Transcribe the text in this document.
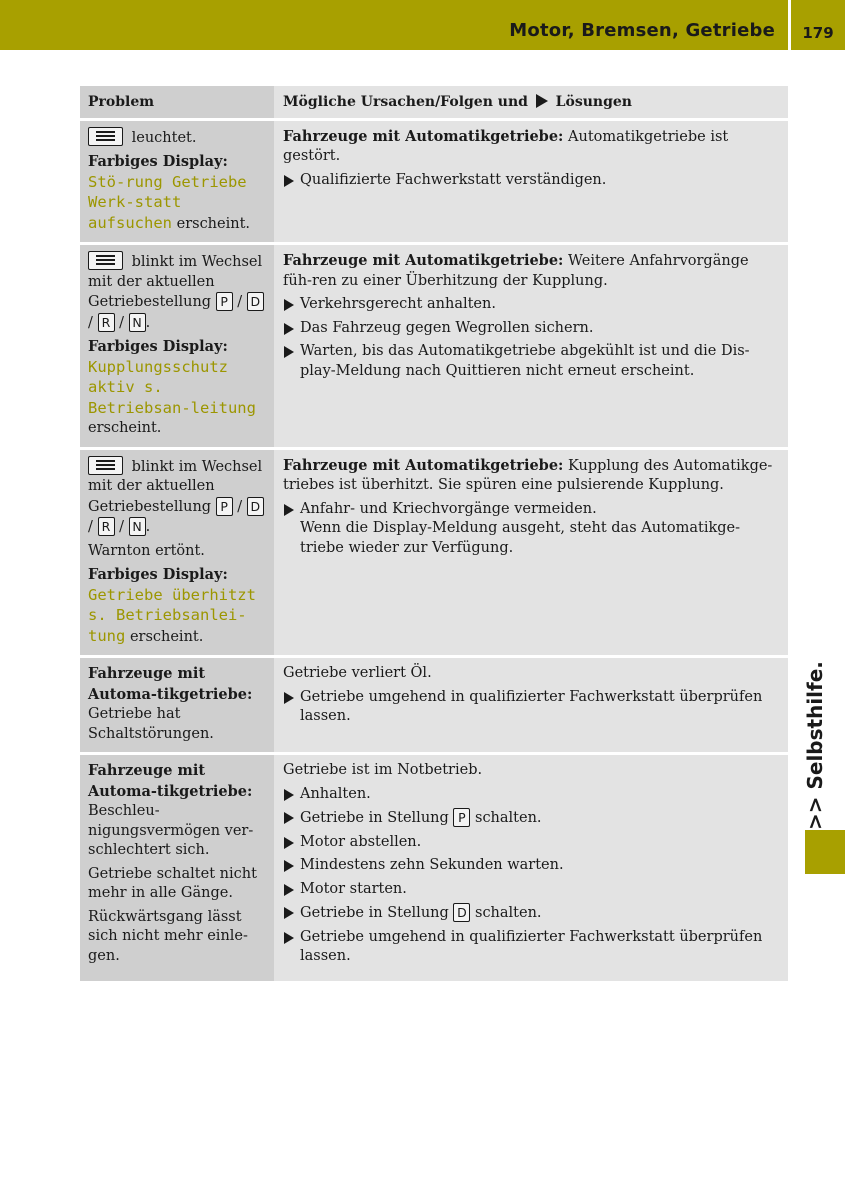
Motor, Bremsen, Getriebe	179
>> Selbsthilfe.
Problem	Mögliche Ursachen/Folgen und Lösungen
leuchtet.
Farbiges Display: Stö-rung Getriebe Werk-statt aufsuchen erscheint.
Fahrzeuge mit Automatikgetriebe: Automatikgetriebe ist gestört.
Qualifizierte Fachwerkstatt verständigen.
blinkt im Wechsel mit der aktuellen Getriebestellung P / D / R / N .
Farbiges Display: Kupplungsschutz aktiv s. Betriebsan-leitung erscheint.
Fahrzeuge mit Automatikgetriebe: Weitere Anfahrvorgänge füh-ren zu einer Überhitzung der Kupplung.
Verkehrsgerecht anhalten.
Das Fahrzeug gegen Wegrollen sichern.
Warten, bis das Automatikgetriebe abgekühlt ist und die Dis-play-Meldung nach Quittieren nicht erneut erscheint.
blinkt im Wechsel mit der aktuellen Getriebestellung P / D / R / N .
Warnton ertönt.
Farbiges Display: Getriebe überhitzt s. Betriebsanlei-tung erscheint.
Fahrzeuge mit Automatikgetriebe: Kupplung des Automatikge-triebes ist überhitzt. Sie spüren eine pulsierende Kupplung.
Anfahr- und Kriechvorgänge vermeiden.
Wenn die Display-Meldung ausgeht, steht das Automatikge-triebe wieder zur Verfügung.
Fahrzeuge mit Automa-tikgetriebe: Getriebe hat Schaltstörungen.
Getriebe verliert Öl.
Getriebe umgehend in qualifizierter Fachwerkstatt überprüfen lassen.
Fahrzeuge mit Automa-tikgetriebe: Beschleu-nigungsvermögen ver-schlechtert sich.
Getriebe schaltet nicht mehr in alle Gänge.
Rückwärtsgang lässt sich nicht mehr einle-gen.
Getriebe ist im Notbetrieb.
Anhalten.
Getriebe in Stellung P schalten.
Motor abstellen.
Mindestens zehn Sekunden warten.
Motor starten.
Getriebe in Stellung D schalten.
Getriebe umgehend in qualifizierter Fachwerkstatt überprüfen lassen.
